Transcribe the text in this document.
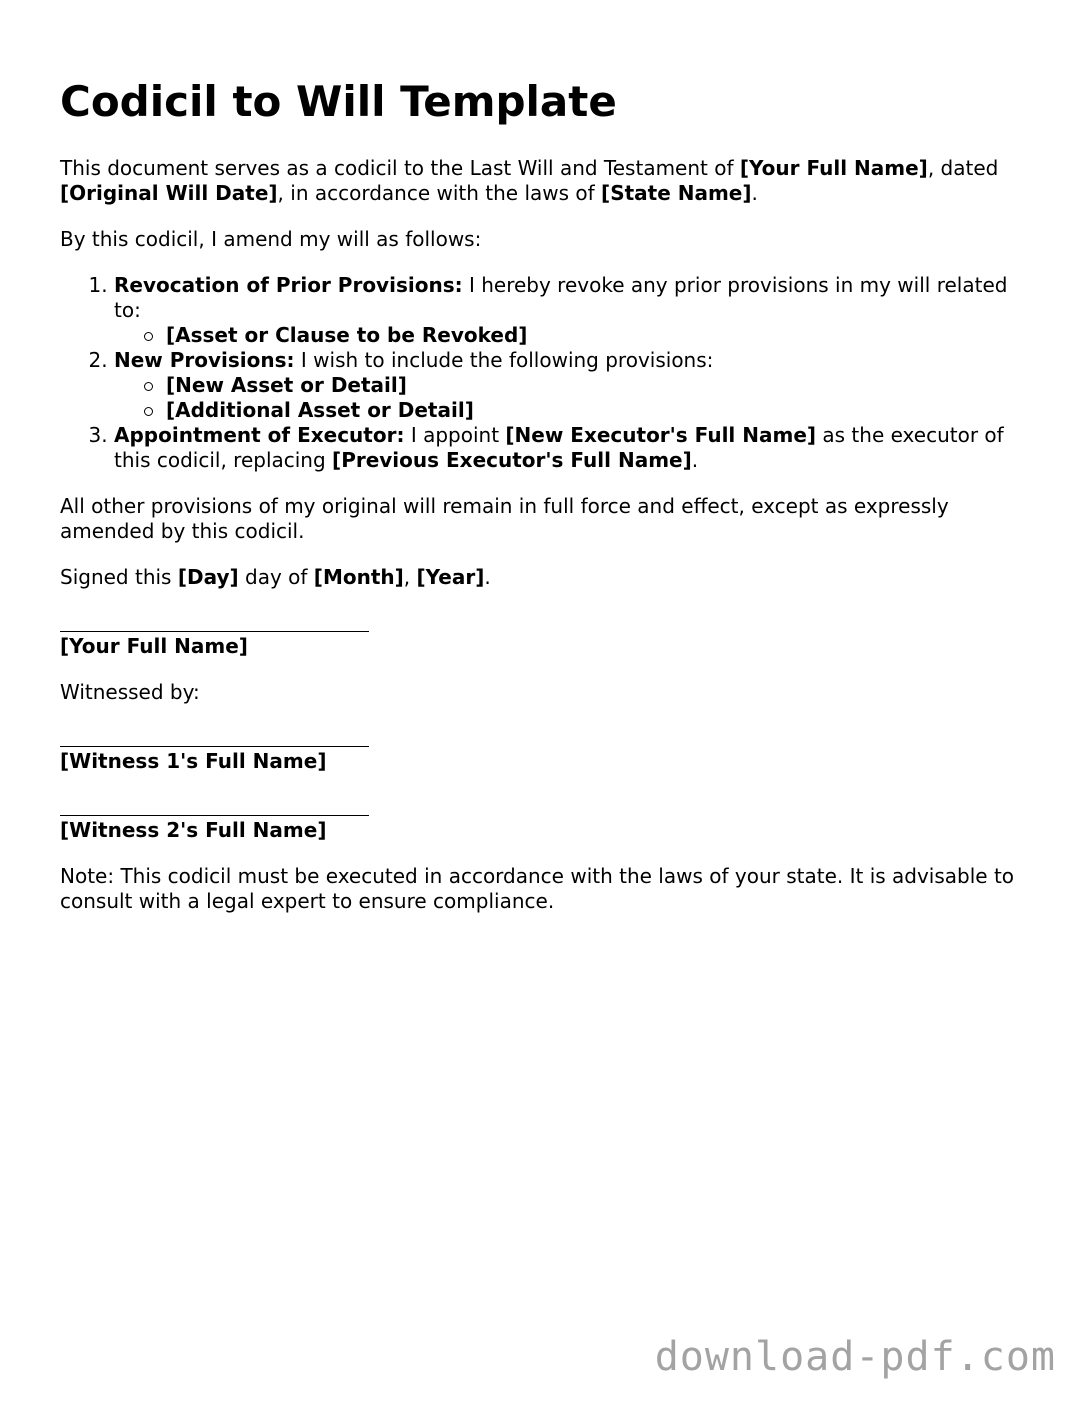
Codicil to Will Template

This document serves as a codicil to the Last Will and Testament of [Your Full Name], dated [Original Will Date], in accordance with the laws of [State Name].

By this codicil, I amend my will as follows:

1. Revocation of Prior Provisions: I hereby revoke any prior provisions in my will related to:
[Asset or Clause to be Revoked]
2. New Provisions: I wish to include the following provisions:
[New Asset or Detail]
[Additional Asset or Detail]
3. Appointment of Executor: I appoint [New Executor's Full Name] as the executor of this codicil, replacing [Previous Executor's Full Name].

All other provisions of my original will remain in full force and effect, except as expressly amended by this codicil.

Signed this [Day] day of [Month], [Year].

[Your Full Name]

Witnessed by:

[Witness 1's Full Name]
[Witness 2's Full Name]

Note: This codicil must be executed in accordance with the laws of your state. It is advisable to consult with a legal expert to ensure compliance.

download-pdf.com
